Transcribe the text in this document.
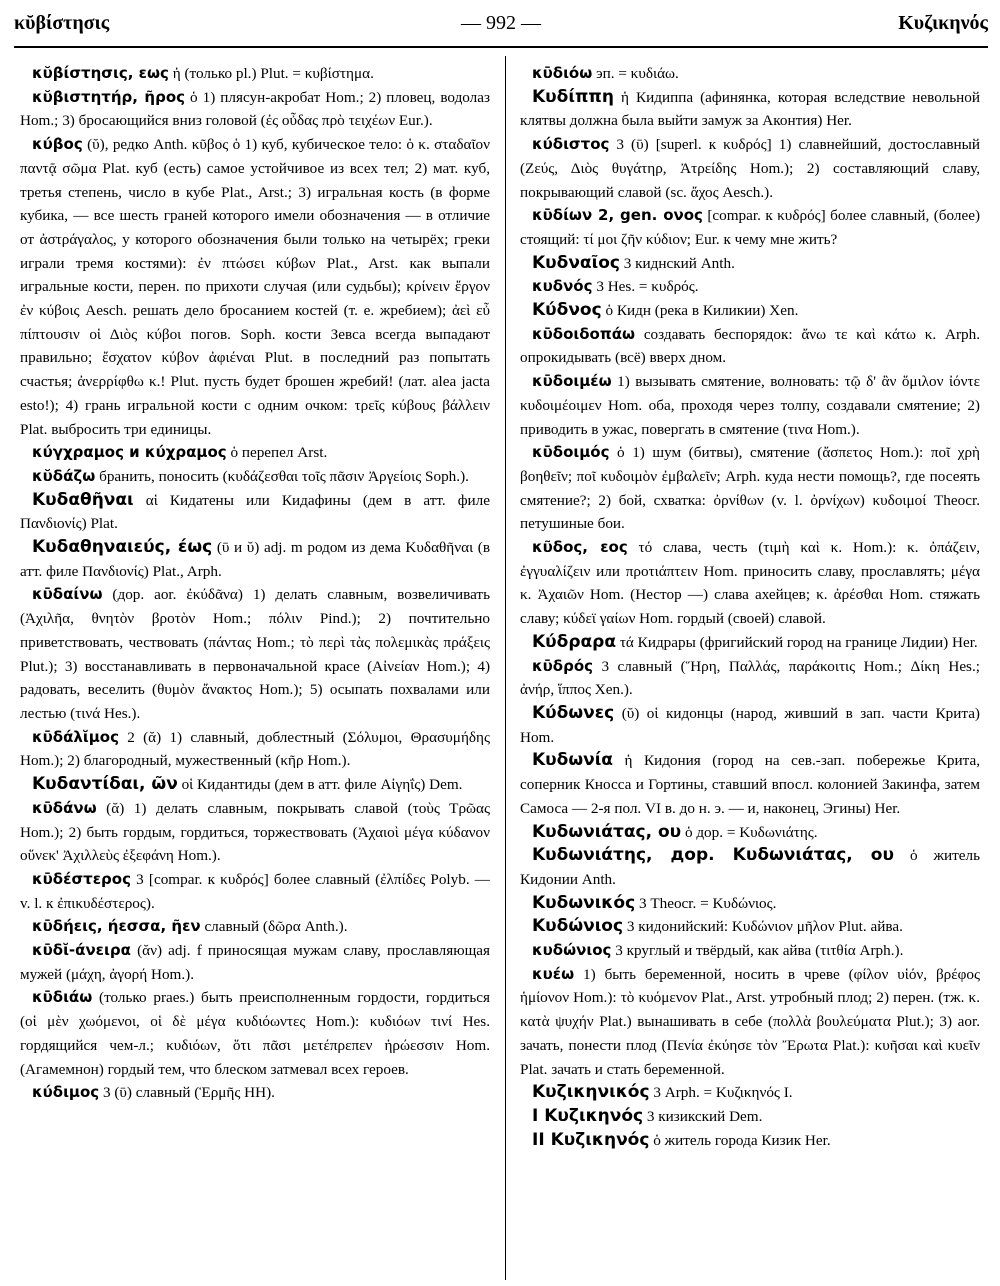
κῠβίστησις	— 992 —	Κυζικηνός

κῠβίστησις, εως ἡ (только pl.) Plut. = κυβίστημα.

κῠβιστητήρ, ῆρος ὁ 1) плясун-акробат Hom.; 2) пловец, водолаз Hom.; 3) бросающийся вниз головой (ἐς οὖδας πρὸ τειχέων Eur.).

κύβος (ῠ), редко Anth. κῦβος ὁ 1) куб, кубическое тело: ὁ κ. σταδαῖον παντᾷ σῶμα Plat. куб (есть) самое устойчивое из всех тел; 2) мат. куб, третья степень, число в кубе Plat., Arst.; 3) игральная кость (в форме кубика, — все шесть граней которого имели обозначения — в отличие от ἀστράγαλος, у которого обозначения были только на четырёх; греки играли тремя костями): ἐν πτώσει κύβων Plat., Arst. как выпали игральные кости, перен. по прихоти случая (или судьбы); κρίνειν ἔργον ἐν κύβοις Aesch. решать дело бросанием костей (т. е. жребием); ἀεὶ εὖ πίπτουσιν οἱ Διὸς κύβοι погов. Soph. кости Зевса всегда выпадают правильно; ἔσχατον κύβον ἀφιέναι Plut. в последний раз попытать счастья; ἀνερρίφθω κ.! Plut. пусть будет брошен жребий! (лат. alea jacta esto!); 4) грань игральной кости с одним очком: τρεῖς κύβους βάλλειν Plat. выбросить три единицы.

κύγχραμος и κύχραμος ὁ перепел Arst.

κῠδάζω бранить, поносить (κυδάζεσθαι τοῖς πᾶσιν Ἀργείοις Soph.).

Κυδαθῆναι αἱ Кидатены или Кидафины (дем в атт. филе Πανδιονίς) Plat.

Κυδαθηναιεύς, έως (ῡ и ῠ) adj. m родом из дема Κυδαθῆναι (в атт. филе Πανδιονίς) Plat., Arph.

κῡδαίνω (дор. aor. ἐκύδᾶνα) 1) делать славным, возвеличивать (Ἀχιλῆα, θνητὸν βροτὸν Hom.; πόλιν Pind.); 2) почтительно приветствовать, чествовать (πάντας Hom.; τὸ περὶ τὰς πολεμικὰς πράξεις Plut.); 3) восстанавливать в первоначальной красе (Αἰνείαν Hom.); 4) радовать, веселить (θυμὸν ἄνακτος Hom.); 5) осыпать похвалами или лестью (τινά Hes.).

κῡδάλῐμος 2 (ᾰ) 1) славный, доблестный (Σόλυμοι, Θρασυμήδης Hom.); 2) благородный, мужественный (κῆρ Hom.).

Κυδαντίδαι, ῶν οἱ Кидантиды (дем в атт. филе Αἰγηΐς) Dem.

κῡδάνω (ᾰ) 1) делать славным, покрывать славой (τοὺς Τρῶας Hom.); 2) быть гордым, гордиться, торжествовать (Ἀχαιοὶ μέγα κύδανον οὕνεκ' Ἀχιλλεὺς ἐξεφάνη Hom.).

κῡδέστερος 3 [compar. к κυδρός] более славный (ἐλπίδες Polyb. — v. l. к ἐπικυδέστερος).

κῡδήεις, ήεσσα, ῆεν славный (δῶρα Anth.).

κῡδῐ-άνειρα (ᾰν) adj. f приносящая мужам славу, прославляющая мужей (μάχη, ἀγορή Hom.).

κῡδιάω (только praes.) быть преисполненным гордости, гордиться (οἱ μὲν χωόμενοι, οἱ δὲ μέγα κυδιόωντες Hom.): κυδιόων τινί Hes. гордящийся чем-л.; κυδιόων, ὅτι πᾶσι μετέπρεπεν ἡρώεσσιν Hom. (Агамемнон) гордый тем, что блеском затмевал всех героев.

κύδιμος 3 (ῡ) славный (Ἑρμῆς HH).

κῡδιόω эп. = κυδιάω.

Κυδίππη ἡ Кидиппа (афинянка, которая вследствие невольной клятвы должна была выйти замуж за Аконтия) Her.

κύδιστος 3 (ῡ) [superl. к κυδρός] 1) славнейший, достославный (Ζεύς, Διὸς θυγάτηρ, Ἀτρείδης Hom.); 2) составляющий славу, покрывающий славой (sc. ἄχος Aesch.).

κῡδίων 2, gen. ονος [compar. к κυδρός] более славный, (более) стоящий: τί μοι ζῆν κύδιον; Eur. к чему мне жить?

Κυδναῖος 3 киднский Anth.

κυδνός 3 Hes. = κυδρός.

Κύδνος ὁ Кидн (река в Киликии) Xen.

κῡδοιδοπάω создавать беспорядок: ἄνω τε καὶ κάτω κ. Arph. опрокидывать (всё) вверх дном.

κῡδοιμέω 1) вызывать смятение, волновать: τῷ δ' ἂν ὅμιλον ἰόντε κυδοιμέοιμεν Hom. оба, проходя через толпу, создавали смятение; 2) приводить в ужас, повергать в смятение (τινα Hom.).

κῡδοιμός ὁ 1) шум (битвы), смятение (ἄσπετος Hom.): ποῖ χρὴ βοηθεῖν; ποῖ κυδοιμὸν ἐμβαλεῖν; Arph. куда нести помощь?, где посеять смятение?; 2) бой, схватка: ὀρνίθων (v. l. ὀρνίχων) κυδοιμοί Theocr. петушиные бои.

κῦδος, εος τό слава, честь (τιμὴ καὶ κ. Hom.): κ. ὀπάζειν, ἐγγυαλίζειν или προτιάπτειν Hom. приносить славу, прославлять; μέγα κ. Ἀχαιῶν Hom. (Нестор —) слава ахейцев; κ. ἀρέσθαι Hom. стяжать славу; κύδεϊ γαίων Hom. гордый (своей) славой.

Κύδραρα τά Кидрары (фригийский город на границе Лидии) Her.

κῡδρός 3 славный (Ἥρη, Παλλάς, παράκοιτις Hom.; Δίκη Hes.; ἀνήρ, ἵππος Xen.).

Κύδωνες (ῠ) οἱ кидонцы (народ, живший в зап. части Крита) Hom.

Κυδωνία ἡ Кидония (город на сев.-зап. побережье Крита, соперник Кносса и Гортины, ставший впосл. колонией Закинфа, затем Самоса — 2-я пол. VI в. до н. э. — и, наконец, Эгины) Her.

Κυδωνιάτας, ου ὁ дор. = Κυδωνιάτης.

Κυδωνιάτης, дор. Κυδωνιάτας, ου ὁ житель Кидонии Anth.

Κυδωνικός 3 Theocr. = Κυδώνιος.

Κυδώνιος 3 кидонийский: Κυδώνιον μῆλον Plut. айва.

κυδώνιος 3 круглый и твёрдый, как айва (τιτθία Arph.).

κυέω 1) быть беременной, носить в чреве (φίλον υἱόν, βρέφος ἡμίονον Hom.): τὸ κυόμενον Plat., Arst. утробный плод; 2) перен. (тж. κ. κατὰ ψυχήν Plat.) вынашивать в себе (πολλὰ βουλεύματα Plut.); 3) aor. зачать, понести плод (Πενία ἐκύησε τὸν Ἔρωτα Plat.): κυῆσαι καὶ κυεῖν Plat. зачать и стать беременной.

Κυζικηνικός 3 Arph. = Κυζικηνός I.

I Κυζικηνός 3 кизикский Dem.

II Κυζικηνός ὁ житель города Кизик Her.
